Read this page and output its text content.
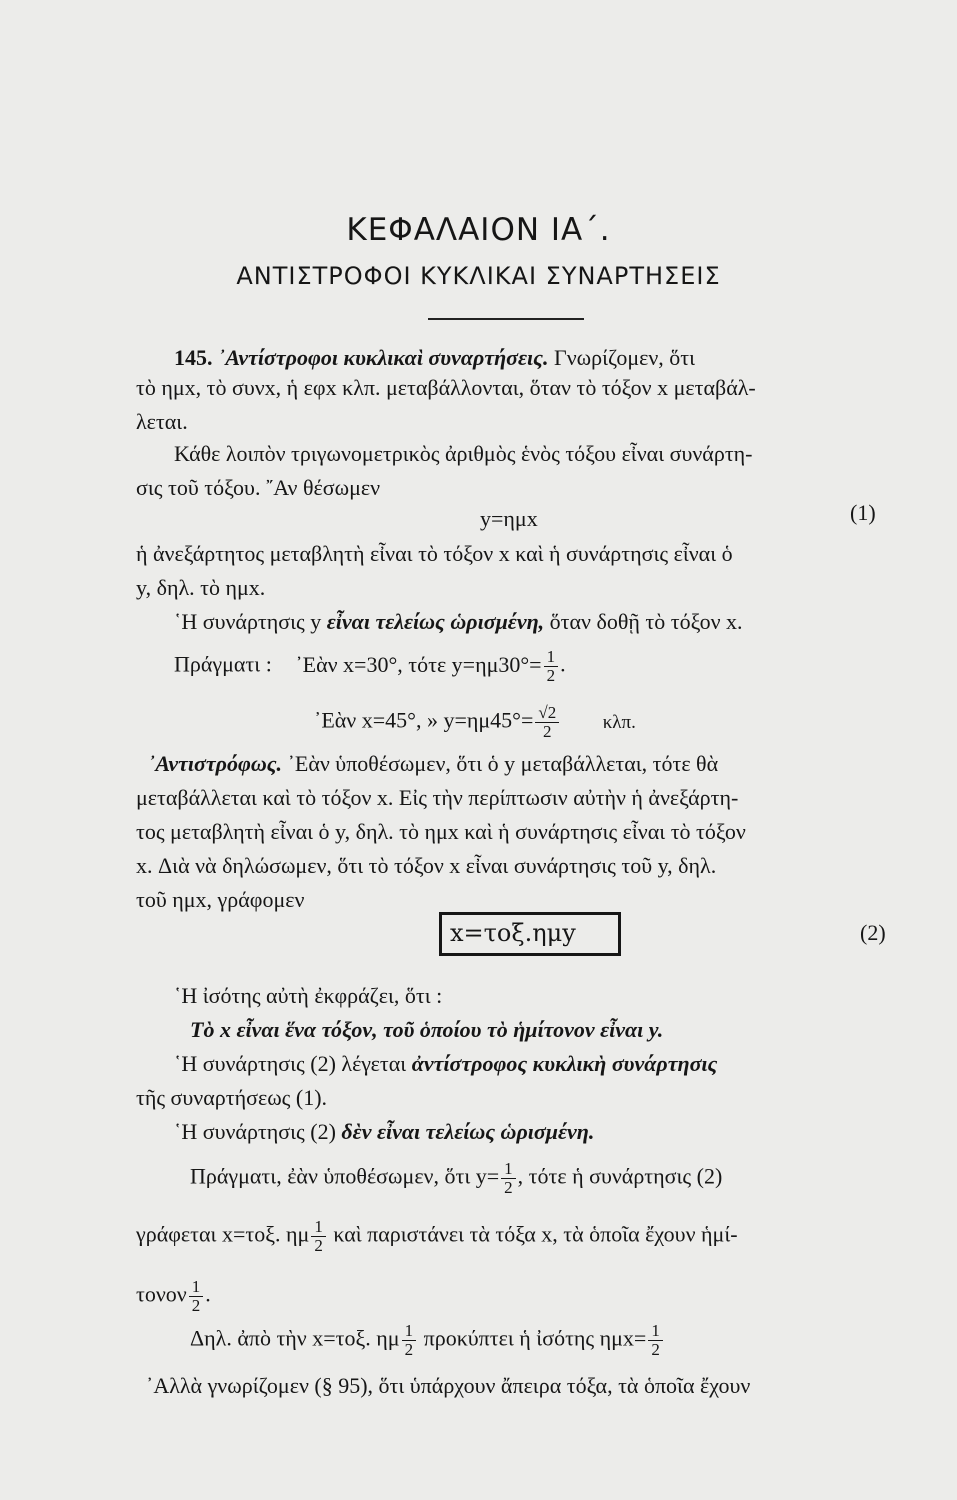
ΚΕΦΑΛΑΙΟΝ ΙΑ΄.
ΑΝΤΙΣΤΡΟΦΟΙ ΚΥΚΛΙΚΑΙ ΣΥΝΑΡΤΗΣΕΙΣ
145. ᾿Αντίστροφοι κυκλικαὶ συναρτήσεις. Γνωρίζομεν, ὅτι
τὸ ημx, τὸ συνx, ἡ εφx κλπ. μεταβάλλονται, ὅταν τὸ τόξον x μεταβάλ-
λεται.
Κάθε λοιπὸν τριγωνομετρικὸς ἀριθμὸς ἑνὸς τόξου εἶναι συνάρτη-
σις τοῦ τόξου. ῎Αν θέσωμεν
y=ημx	(1)
ἡ ἀνεξάρτητος μεταβλητὴ εἶναι τὸ τόξον x καὶ ἡ συνάρτησις εἶναι ὁ
y, δηλ. τὸ ημx.
῾Η συνάρτησις y εἶναι τελείως ὡρισμένη, ὅταν δοθῇ τὸ τόξον x.
Πράγματι : ᾿Εὰν x=30°, τότε $y=\eta\mu 30^\circ= \frac{1}{2}$ .
᾿Εὰν x=45°, » $y=\eta\mu 45^\circ= \frac{√2}{2} \kappa\lambda\pi$.
᾿Αντιστρόφως. ᾿Εὰν ὑποθέσωμεν, ὅτι ὁ y μεταβάλλεται, τότε θὰ
μεταβάλλεται καὶ τὸ τόξον x. Εἰς τὴν περίπτωσιν αὐτὴν ἡ ἀνεξάρτη-
τος μεταβλητὴ εἶναι ὁ y, δηλ. τὸ ημx καὶ ἡ συνάρτησις εἶναι τὸ τόξον
x. Διὰ νὰ δηλώσωμεν, ὅτι τὸ τόξον x εἶναι συνάρτησις τοῦ y, δηλ.
τοῦ ημx, γράφομεν
x=τοξ.ημy	(2)
῾Η ἰσότης αὐτὴ ἐκφράζει, ὅτι :
Τὸ x εἶναι ἕνα τόξον, τοῦ ὁποίου τὸ ἡμίτονον εἶναι y.
῾Η συνάρτησις (2) λέγεται ἀντίστροφος κυκλικὴ συνάρτησις
τῆς συναρτήσεως (1).
῾Η συνάρτησις (2) δὲν εἶναι τελείως ὡρισμένη.
Πράγματι, ἐὰν ὑποθέσωμεν, ὅτι $y= \frac{1}{2}$ , τότε ἡ συνάρτησις (2)
γράφεται x=τοξ. ημ $\frac{1}{2}$ καὶ παριστάνει τὰ τόξα x, τὰ ὁποῖα ἔχουν ἡμί-
τονον $\frac{1}{2}$ .
Δηλ. ἀπὸ τὴν x=τοξ. ημ $\frac{1}{2}$ προκύπτει ἡ ἰσότης $\eta\mu x= \frac{1}{2}$
᾿Αλλὰ γνωρίζομεν (§ 95), ὅτι ὑπάρχουν ἄπειρα τόξα, τὰ ὁποῖα ἔχουν
